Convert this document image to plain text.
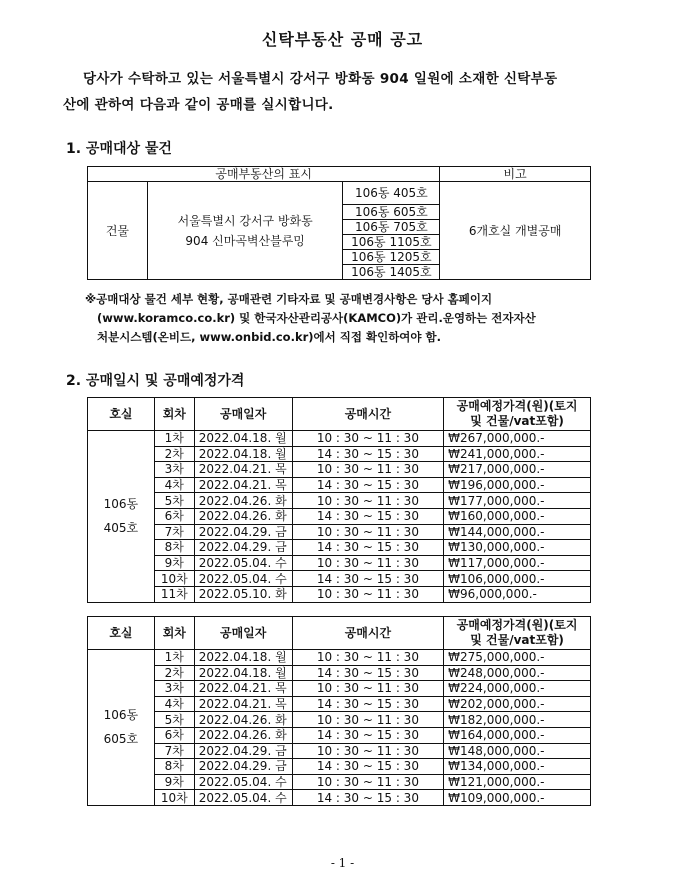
신탁부동산 공매 공고
당사가 수탁하고 있는 서울특별시 강서구 방화동 904 일원에 소재한 신탁부동
산에 관하여 다음과 같이 공매를 실시합니다.
1. 공매대상 물건
공매부동산의 표시			비고
건물	서울특별시 강서구 방화동
904 신마곡벽산블루밍	106동 405호	6개호실 개별공매
		106동 605호	
		106동 705호	
		106동 1105호	
		106동 1205호	
		106동 1405호	
※공매대상 물건 세부 현황, 공매관련 기타자료 및 공매변경사항은 당사 홈페이지

(www.koramco.co.kr) 및 한국자산관리공사(KAMCO)가 관리.운영하는 전자자산
처분시스템(온비드, www.onbid.co.kr)에서 직접 확인하여야 함.
2. 공매일시 및 공매예정가격
호실	회차	공매일자	공매시간	공매예정가격(원)(토지
및 건물/vat포함)
106동
405호	1차	2022.04.18. 월	10 : 30 ~ 11 : 30	₩267,000,000.-
	2차	2022.04.18. 월	14 : 30 ~ 15 : 30	₩241,000,000.-
	3차	2022.04.21. 목	10 : 30 ~ 11 : 30	₩217,000,000.-
	4차	2022.04.21. 목	14 : 30 ~ 15 : 30	₩196,000,000.-
	5차	2022.04.26. 화	10 : 30 ~ 11 : 30	₩177,000,000.-
	6차	2022.04.26. 화	14 : 30 ~ 15 : 30	₩160,000,000.-
	7차	2022.04.29. 금	10 : 30 ~ 11 : 30	₩144,000,000.-
	8차	2022.04.29. 금	14 : 30 ~ 15 : 30	₩130,000,000.-
	9차	2022.05.04. 수	10 : 30 ~ 11 : 30	₩117,000,000.-
	10차	2022.05.04. 수	14 : 30 ~ 15 : 30	₩106,000,000.-
	11차	2022.05.10. 화	10 : 30 ~ 11 : 30	₩96,000,000.-
호실	회차	공매일자	공매시간	공매예정가격(원)(토지
및 건물/vat포함)
106동
605호	1차	2022.04.18. 월	10 : 30 ~ 11 : 30	₩275,000,000.-
	2차	2022.04.18. 월	14 : 30 ~ 15 : 30	₩248,000,000.-
	3차	2022.04.21. 목	10 : 30 ~ 11 : 30	₩224,000,000.-
	4차	2022.04.21. 목	14 : 30 ~ 15 : 30	₩202,000,000.-
	5차	2022.04.26. 화	10 : 30 ~ 11 : 30	₩182,000,000.-
	6차	2022.04.26. 화	14 : 30 ~ 15 : 30	₩164,000,000.-
	7차	2022.04.29. 금	10 : 30 ~ 11 : 30	₩148,000,000.-
	8차	2022.04.29. 금	14 : 30 ~ 15 : 30	₩134,000,000.-
	9차	2022.05.04. 수	10 : 30 ~ 11 : 30	₩121,000,000.-
	10차	2022.05.04. 수	14 : 30 ~ 15 : 30	₩109,000,000.-
- 1 -
